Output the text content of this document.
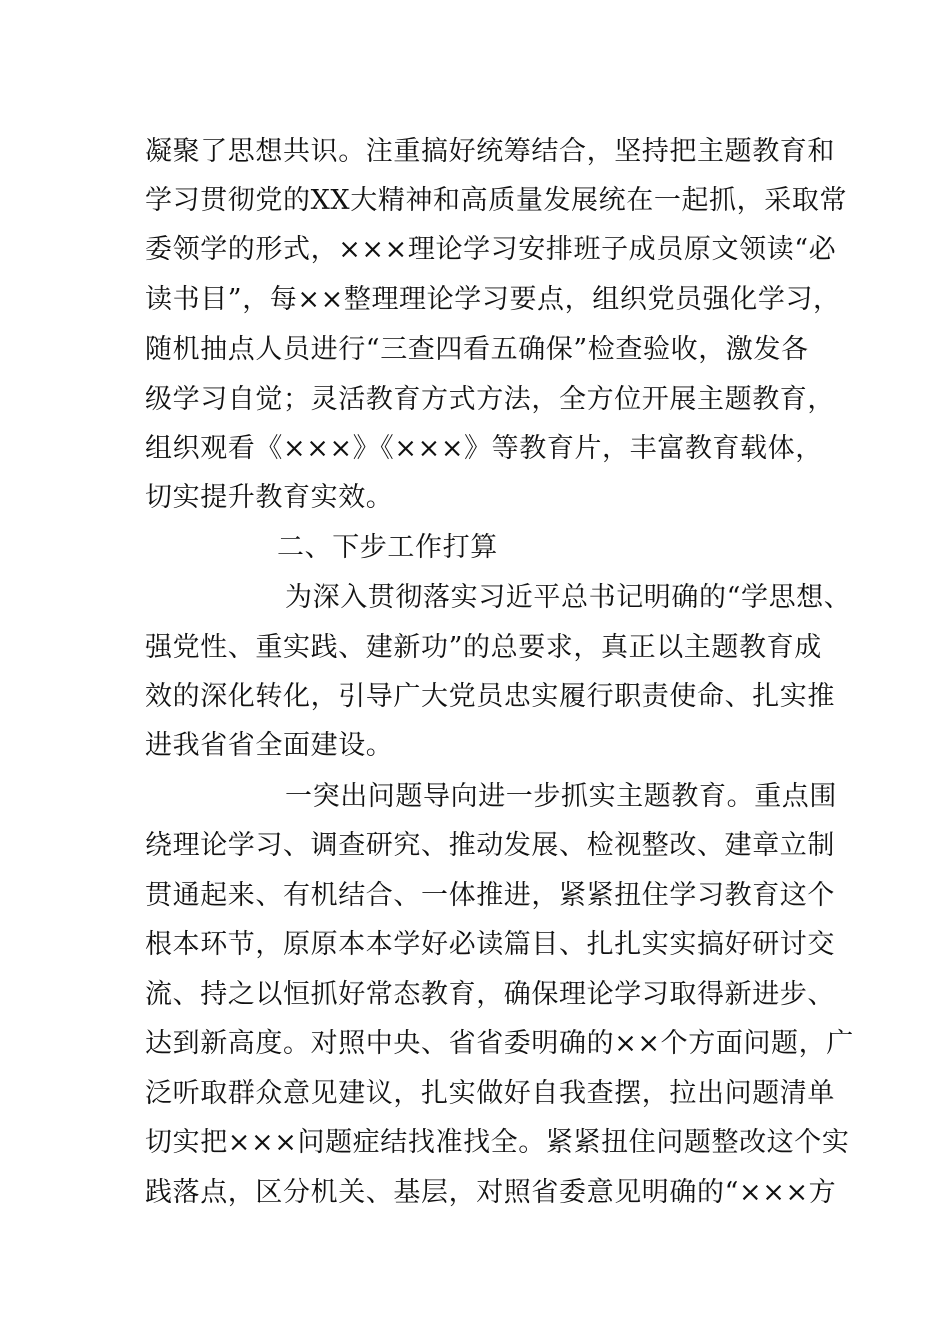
凝聚了思想共识。注重搞好统筹结合，坚持把主题教育和
学习贯彻党的XX大精神和高质量发展统在一起抓，采取常
委领学的形式，×××理论学习安排班子成员原文领读“必
读书目”，每××整理理论学习要点，组织党员强化学习，
随机抽点人员进行“三查四看五确保”检查验收，激发各
级学习自觉；灵活教育方式方法，全方位开展主题教育，
组织观看《×××》《×××》等教育片，丰富教育载体，
切实提升教育实效。
二、下步工作打算
为深入贯彻落实习近平总书记明确的“学思想、
强党性、重实践、建新功”的总要求，真正以主题教育成
效的深化转化，引导广大党员忠实履行职责使命、扎实推
进我省省全面建设。
一突出问题导向进一步抓实主题教育。重点围
绕理论学习、调查研究、推动发展、检视整改、建章立制
贯通起来、有机结合、一体推进，紧紧扭住学习教育这个
根本环节，原原本本学好必读篇目、扎扎实实搞好研讨交
流、持之以恒抓好常态教育，确保理论学习取得新进步、
达到新高度。对照中央、省省委明确的××个方面问题，广
泛听取群众意见建议，扎实做好自我查摆，拉出问题清单
切实把×××问题症结找准找全。紧紧扭住问题整改这个实
践落点，区分机关、基层，对照省委意见明确的“×××方
